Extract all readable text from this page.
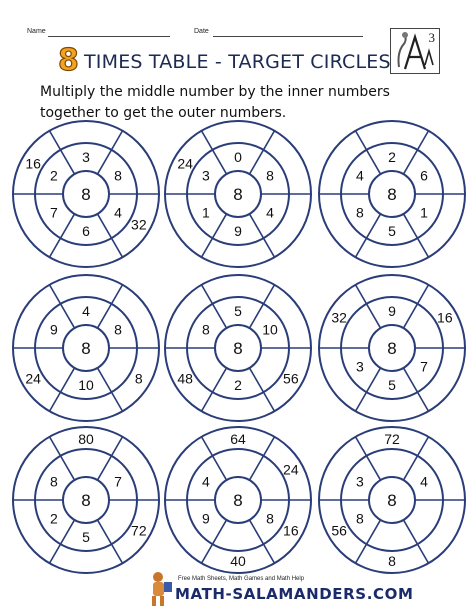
Name	Date	3
8 TIMES TABLE - TARGET CIRCLES
Multiply the middle number by the inner numbers together to get the outer numbers.
8
3
8
4
32
6
7
2
16
8
0
8
4
9
1
3
24
8
2
6
1
5
8
4
8
4
8
8
10
24
9
8
5
10
56
2
48
8
8
9	16
7
5
3
32
8
80
7
72
5
2
8
8
64
24
8
16
40
9
4
8
72
4
8
8
56
3
Free Math Sheets, Math Games and Math Help
MATH-SALAMANDERS.COM
